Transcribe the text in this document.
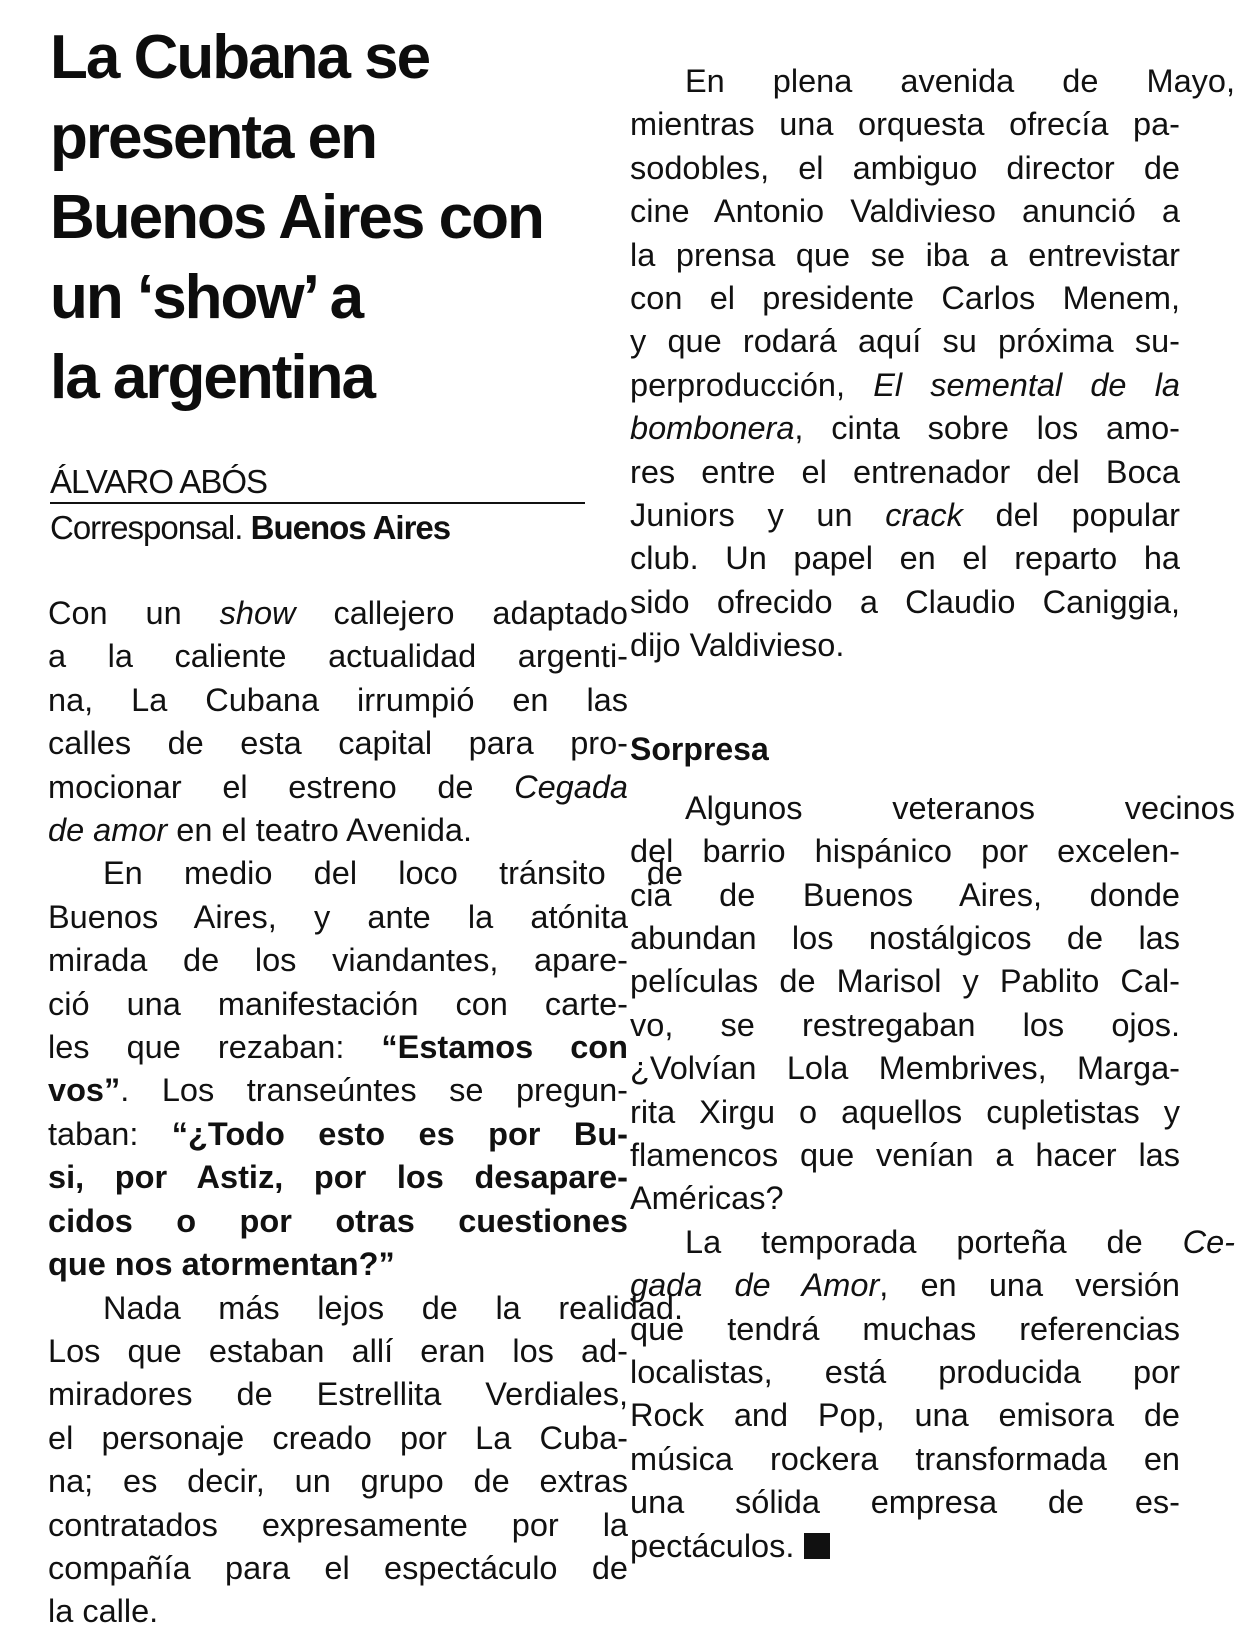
La Cubana se
presenta en
Buenos Aires con
un ‘show’ a
la argentina
ÁLVARO ABÓS
Corresponsal. Buenos Aires

Con un show callejero adaptado

a la caliente actualidad argenti-

na, La Cubana irrumpió en las

calles de esta capital para pro-

mocionar el estreno de Cegada

de amor en el teatro Avenida.

En medio del loco tránsito de

Buenos Aires, y ante la atónita

mirada de los viandantes, apare-

ció una manifestación con carte-

les que rezaban: “Estamos con

vos”. Los transeúntes se pregun-

taban: “¿Todo esto es por Bu-

si, por Astiz, por los desapare-

cidos o por otras cuestiones

que nos atormentan?”

Nada más lejos de la realidad.

Los que estaban allí eran los ad-

miradores de Estrellita Verdiales,

el personaje creado por La Cuba-

na; es decir, un grupo de extras

contratados expresamente por la

compañía para el espectáculo de

la calle.

En plena avenida de Mayo,

mientras una orquesta ofrecía pa-

sodobles, el ambiguo director de

cine Antonio Valdivieso anunció a

la prensa que se iba a entrevistar

con el presidente Carlos Menem,

y que rodará aquí su próxima su-

perproducción, El semental de la

bombonera, cinta sobre los amo-

res entre el entrenador del Boca

Juniors y un crack del popular

club. Un papel en el reparto ha

sido ofrecido a Claudio Caniggia,

dijo Valdivieso.

Sorpresa

Algunos veteranos vecinos

del barrio hispánico por excelen-

cia de Buenos Aires, donde

abundan los nostálgicos de las

películas de Marisol y Pablito Cal-

vo, se restregaban los ojos.

¿Volvían Lola Membrives, Marga-

rita Xirgu o aquellos cupletistas y

flamencos que venían a hacer las

Américas?

La temporada porteña de Ce-

gada de Amor, en una versión

que tendrá muchas referencias

localistas, está producida por

Rock and Pop, una emisora de

música rockera transformada en

una sólida empresa de es-

pectáculos.
